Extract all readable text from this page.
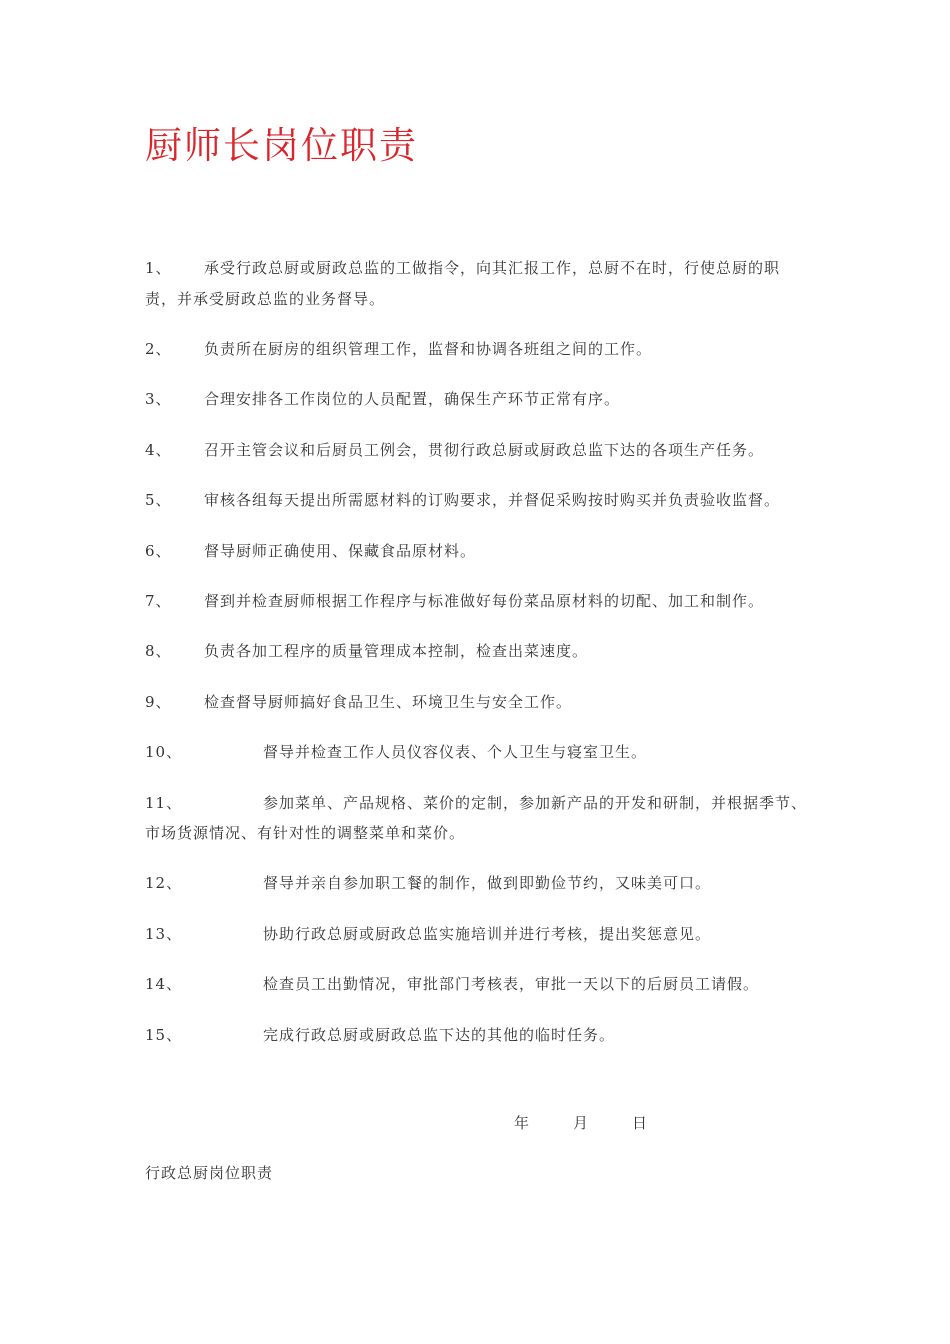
厨师长岗位职责
1、 承受行政总厨或厨政总监的工做指令，向其汇报工作，总厨不在时，行使总厨的职责，并承受厨政总监的业务督导。
2、 负责所在厨房的组织管理工作，监督和协调各班组之间的工作。
3、 合理安排各工作岗位的人员配置，确保生产环节正常有序。
4、 召开主管会议和后厨员工例会，贯彻行政总厨或厨政总监下达的各项生产任务。
5、 审核各组每天提出所需愿材料的订购要求，并督促采购按时购买并负责验收监督。
6、 督导厨师正确使用、保藏食品原材料。
7、 督到并检查厨师根据工作程序与标准做好每份菜品原材料的切配、加工和制作。
8、 负责各加工程序的质量管理成本控制，检查出菜速度。
9、 检查督导厨师搞好食品卫生、环境卫生与安全工作。
10、	督导并检查工作人员仪容仪表、个人卫生与寝室卫生。
11、	参加菜单、产品规格、菜价的定制，参加新产品的开发和研制，并根据季节、市场货源情况、有针对性的调整菜单和菜价。
12、	督导并亲自参加职工餐的制作，做到即勤俭节约，又味美可口。
13、	协助行政总厨或厨政总监实施培训并进行考核，提出奖惩意见。
14、	检查员工出勤情况，审批部门考核表，审批一天以下的后厨员工请假。
15、	完成行政总厨或厨政总监下达的其他的临时任务。
年	月	日
行政总厨岗位职责
